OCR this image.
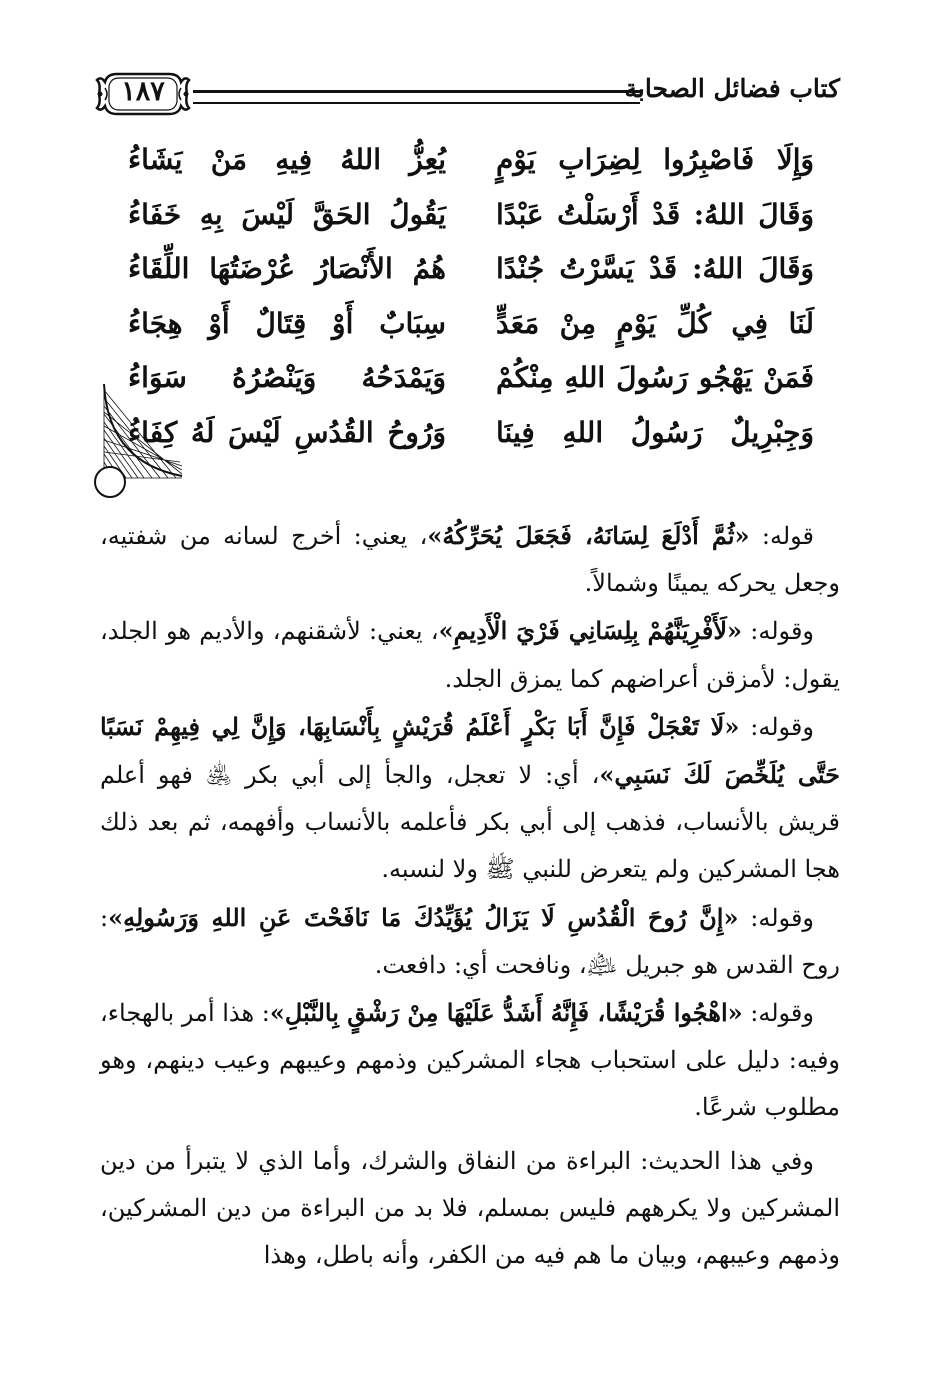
كتاب فضائل الصحابة
١٨٧
وَإِلَا فَاصْبِرُوا لِضِرَابِ يَوْمٍ
يُعِزُّ اللهُ فِيهِ مَنْ يَشَاءُ
وَقَالَ اللهُ: قَدْ أَرْسَلْتُ عَبْدًا
يَقُولُ الحَقَّ لَيْسَ بِهِ خَفَاءُ
وَقَالَ اللهُ: قَدْ يَسَّرْتُ جُنْدًا
هُمُ الأَنْصَارُ عُرْضَتُهَا اللِّقَاءُ
لَنَا فِي كُلِّ يَوْمٍ مِنْ مَعَدٍّ
سِبَابٌ أَوْ قِتَالٌ أَوْ هِجَاءُ
فَمَنْ يَهْجُو رَسُولَ اللهِ مِنْكُمْ
وَيَمْدَحُهُ وَيَنْصُرُهُ سَوَاءُ
وَجِبْرِيلٌ رَسُولُ اللهِ فِينَا
وَرُوحُ القُدُسِ لَيْسَ لَهُ كِفَاءُ

قوله: «ثُمَّ أَدْلَعَ لِسَانَهُ، فَجَعَلَ يُحَرِّكُهُ»، يعني: أخرج لسانه من شفتيه، وجعل يحركه يمينًا وشمالاً.

وقوله: «لَأَفْرِيَنَّهُمْ بِلِسَانِي فَرْيَ الْأَدِيمِ»، يعني: لأشقنهم، والأديم هو الجلد، يقول: لأمزقن أعراضهم كما يمزق الجلد.

وقوله: «لَا تَعْجَلْ فَإِنَّ أَبَا بَكْرٍ أَعْلَمُ قُرَيْشٍ بِأَنْسَابِهَا، وَإِنَّ لِي فِيهِمْ نَسَبًا حَتَّى يُلَخِّصَ لَكَ نَسَبِي»، أي: لا تعجل، والجأ إلى أبي بكر ﵁ فهو أعلم قريش بالأنساب، فذهب إلى أبي بكر فأعلمه بالأنساب وأفهمه، ثم بعد ذلك هجا المشركين ولم يتعرض للنبي ﷺ ولا لنسبه.

وقوله: «إِنَّ رُوحَ الْقُدُسِ لَا يَزَالُ يُؤَيِّدُكَ مَا نَافَحْتَ عَنِ اللهِ وَرَسُولِهِ»: روح القدس هو جبريل ﵇، ونافحت أي: دافعت.

وقوله: «اهْجُوا قُرَيْشًا، فَإِنَّهُ أَشَدُّ عَلَيْهَا مِنْ رَشْقٍ بِالنَّبْلِ»: هذا أمر بالهجاء، وفيه: دليل على استحباب هجاء المشركين وذمهم وعيبهم وعيب دينهم، وهو مطلوب شرعًا.

وفي هذا الحديث: البراءة من النفاق والشرك، وأما الذي لا يتبرأ من دين المشركين ولا يكرههم فليس بمسلم، فلا بد من البراءة من دين المشركين، وذمهم وعيبهم، وبيان ما هم فيه من الكفر، وأنه باطل، وهذا
